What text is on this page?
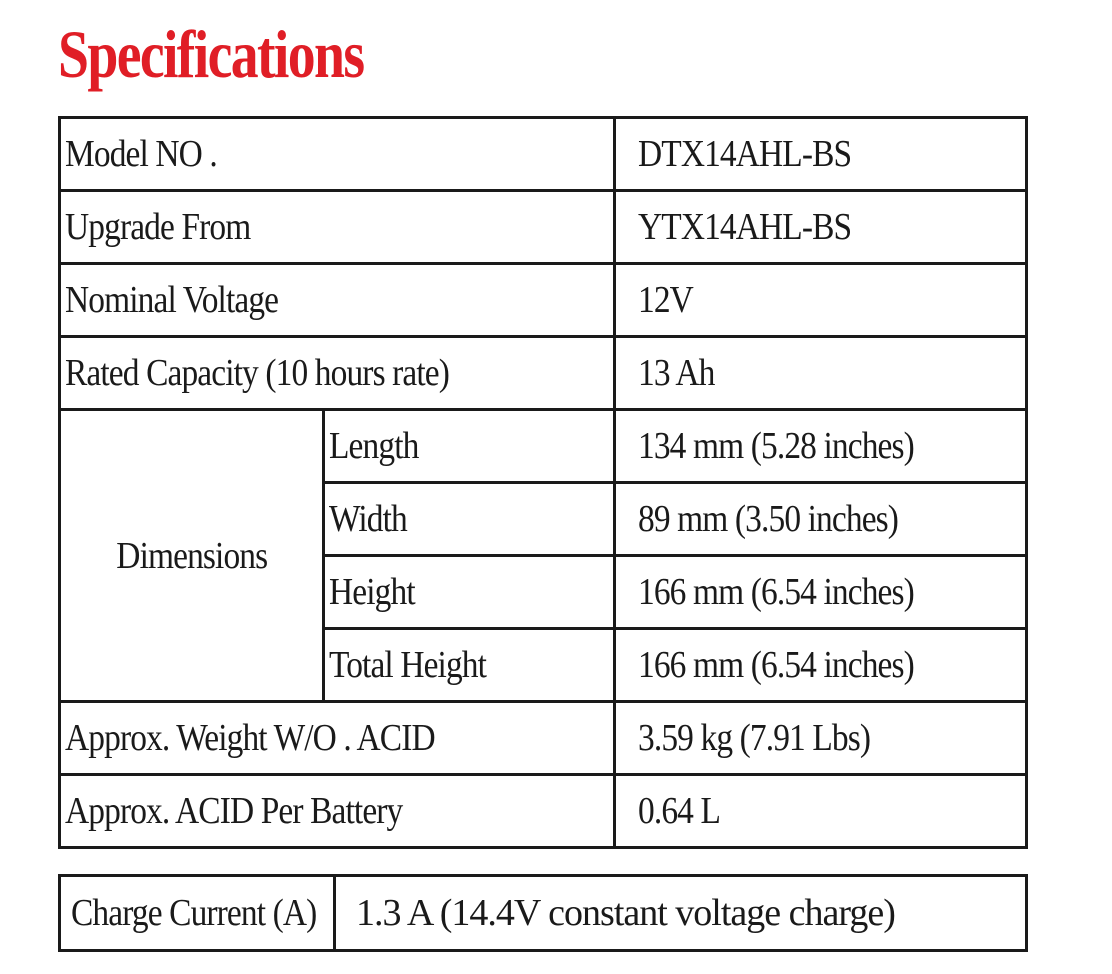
Specifications
Model NO .		DTX14AHL-BS
Upgrade From		YTX14AHL-BS
Nominal Voltage		12V
Rated Capacity (10 hours rate)		13 Ah
Dimensions	Length	134 mm (5.28 inches)
	Width	89 mm (3.50 inches)
	Height	166 mm (6.54 inches)
	Total Height	166 mm (6.54 inches)
Approx. Weight W/O . ACID		3.59 kg (7.91 Lbs)
Approx. ACID Per Battery		0.64 L
Charge Current (A)	1.3 A (14.4V constant voltage charge)
